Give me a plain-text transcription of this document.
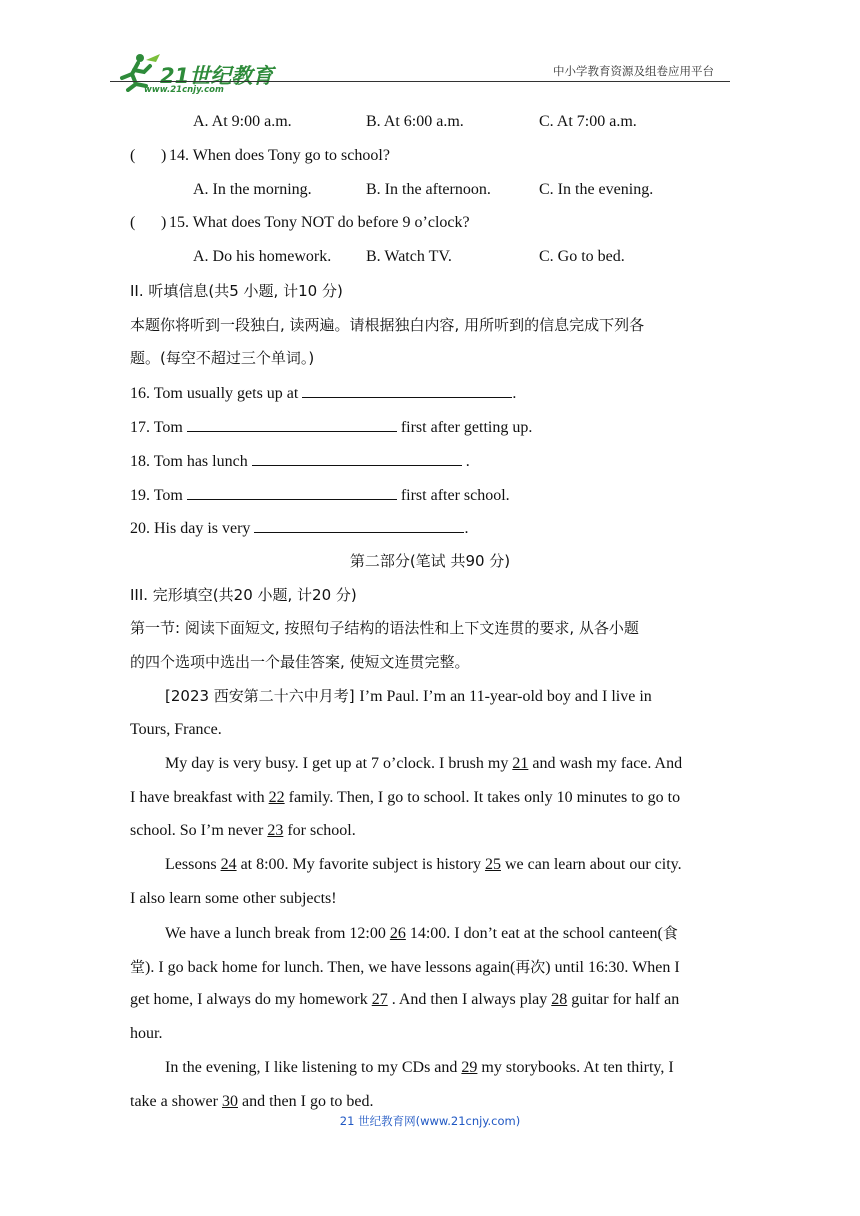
21世纪教育
www.21cnjy.com
中小学教育资源及组卷应用平台
A. At 9:00 a.m.	B. At 6:00 a.m.	C. At 7:00 a.m.
( ) 14. When does Tony go to school?
A. In the morning.	B. In the afternoon.	C. In the evening.
( ) 15. What does Tony NOT do before 9 o’clock?
A. Do his homework. B. Watch TV.	C. Go to bed.
II. 听填信息(共5 小题, 计10 分)
本题你将听到一段独白, 读两遍。请根据独白内容, 用所听到的信息完成下列各
题。(每空不超过三个单词。)
16. Tom usually gets up at	.
17. Tom	first after getting up.
18. Tom has lunch	.
19. Tom	first after school.
20. His day is very	.
第二部分(笔试 共90 分)
III. 完形填空(共20 小题, 计20 分)
第一节: 阅读下面短文, 按照句子结构的语法性和上下文连贯的要求, 从各小题
的四个选项中选出一个最佳答案, 使短文连贯完整。
[2023 西安第二十六中月考] I’m Paul. I’m an 11-year-old boy and I live in
Tours, France.
My day is very busy. I get up at 7 o’clock. I brush my 21 and wash my face. And
I have breakfast with 22 family. Then, I go to school. It takes only 10 minutes to go to
school. So I’m never 23 for school.
Lessons 24 at 8:00. My favorite subject is history 25 we can learn about our city.
I also learn some other subjects!
We have a lunch break from 12:00 26 14:00. I don’t eat at the school canteen(食
堂). I go back home for lunch. Then, we have lessons again(再次) until 16:30. When I
get home, I always do my homework 27 . And then I always play 28 guitar for half an
hour.
In the evening, I like listening to my CDs and 29 my storybooks. At ten thirty, I
take a shower 30 and then I go to bed.
21 世纪教育网(www.21cnjy.com)
